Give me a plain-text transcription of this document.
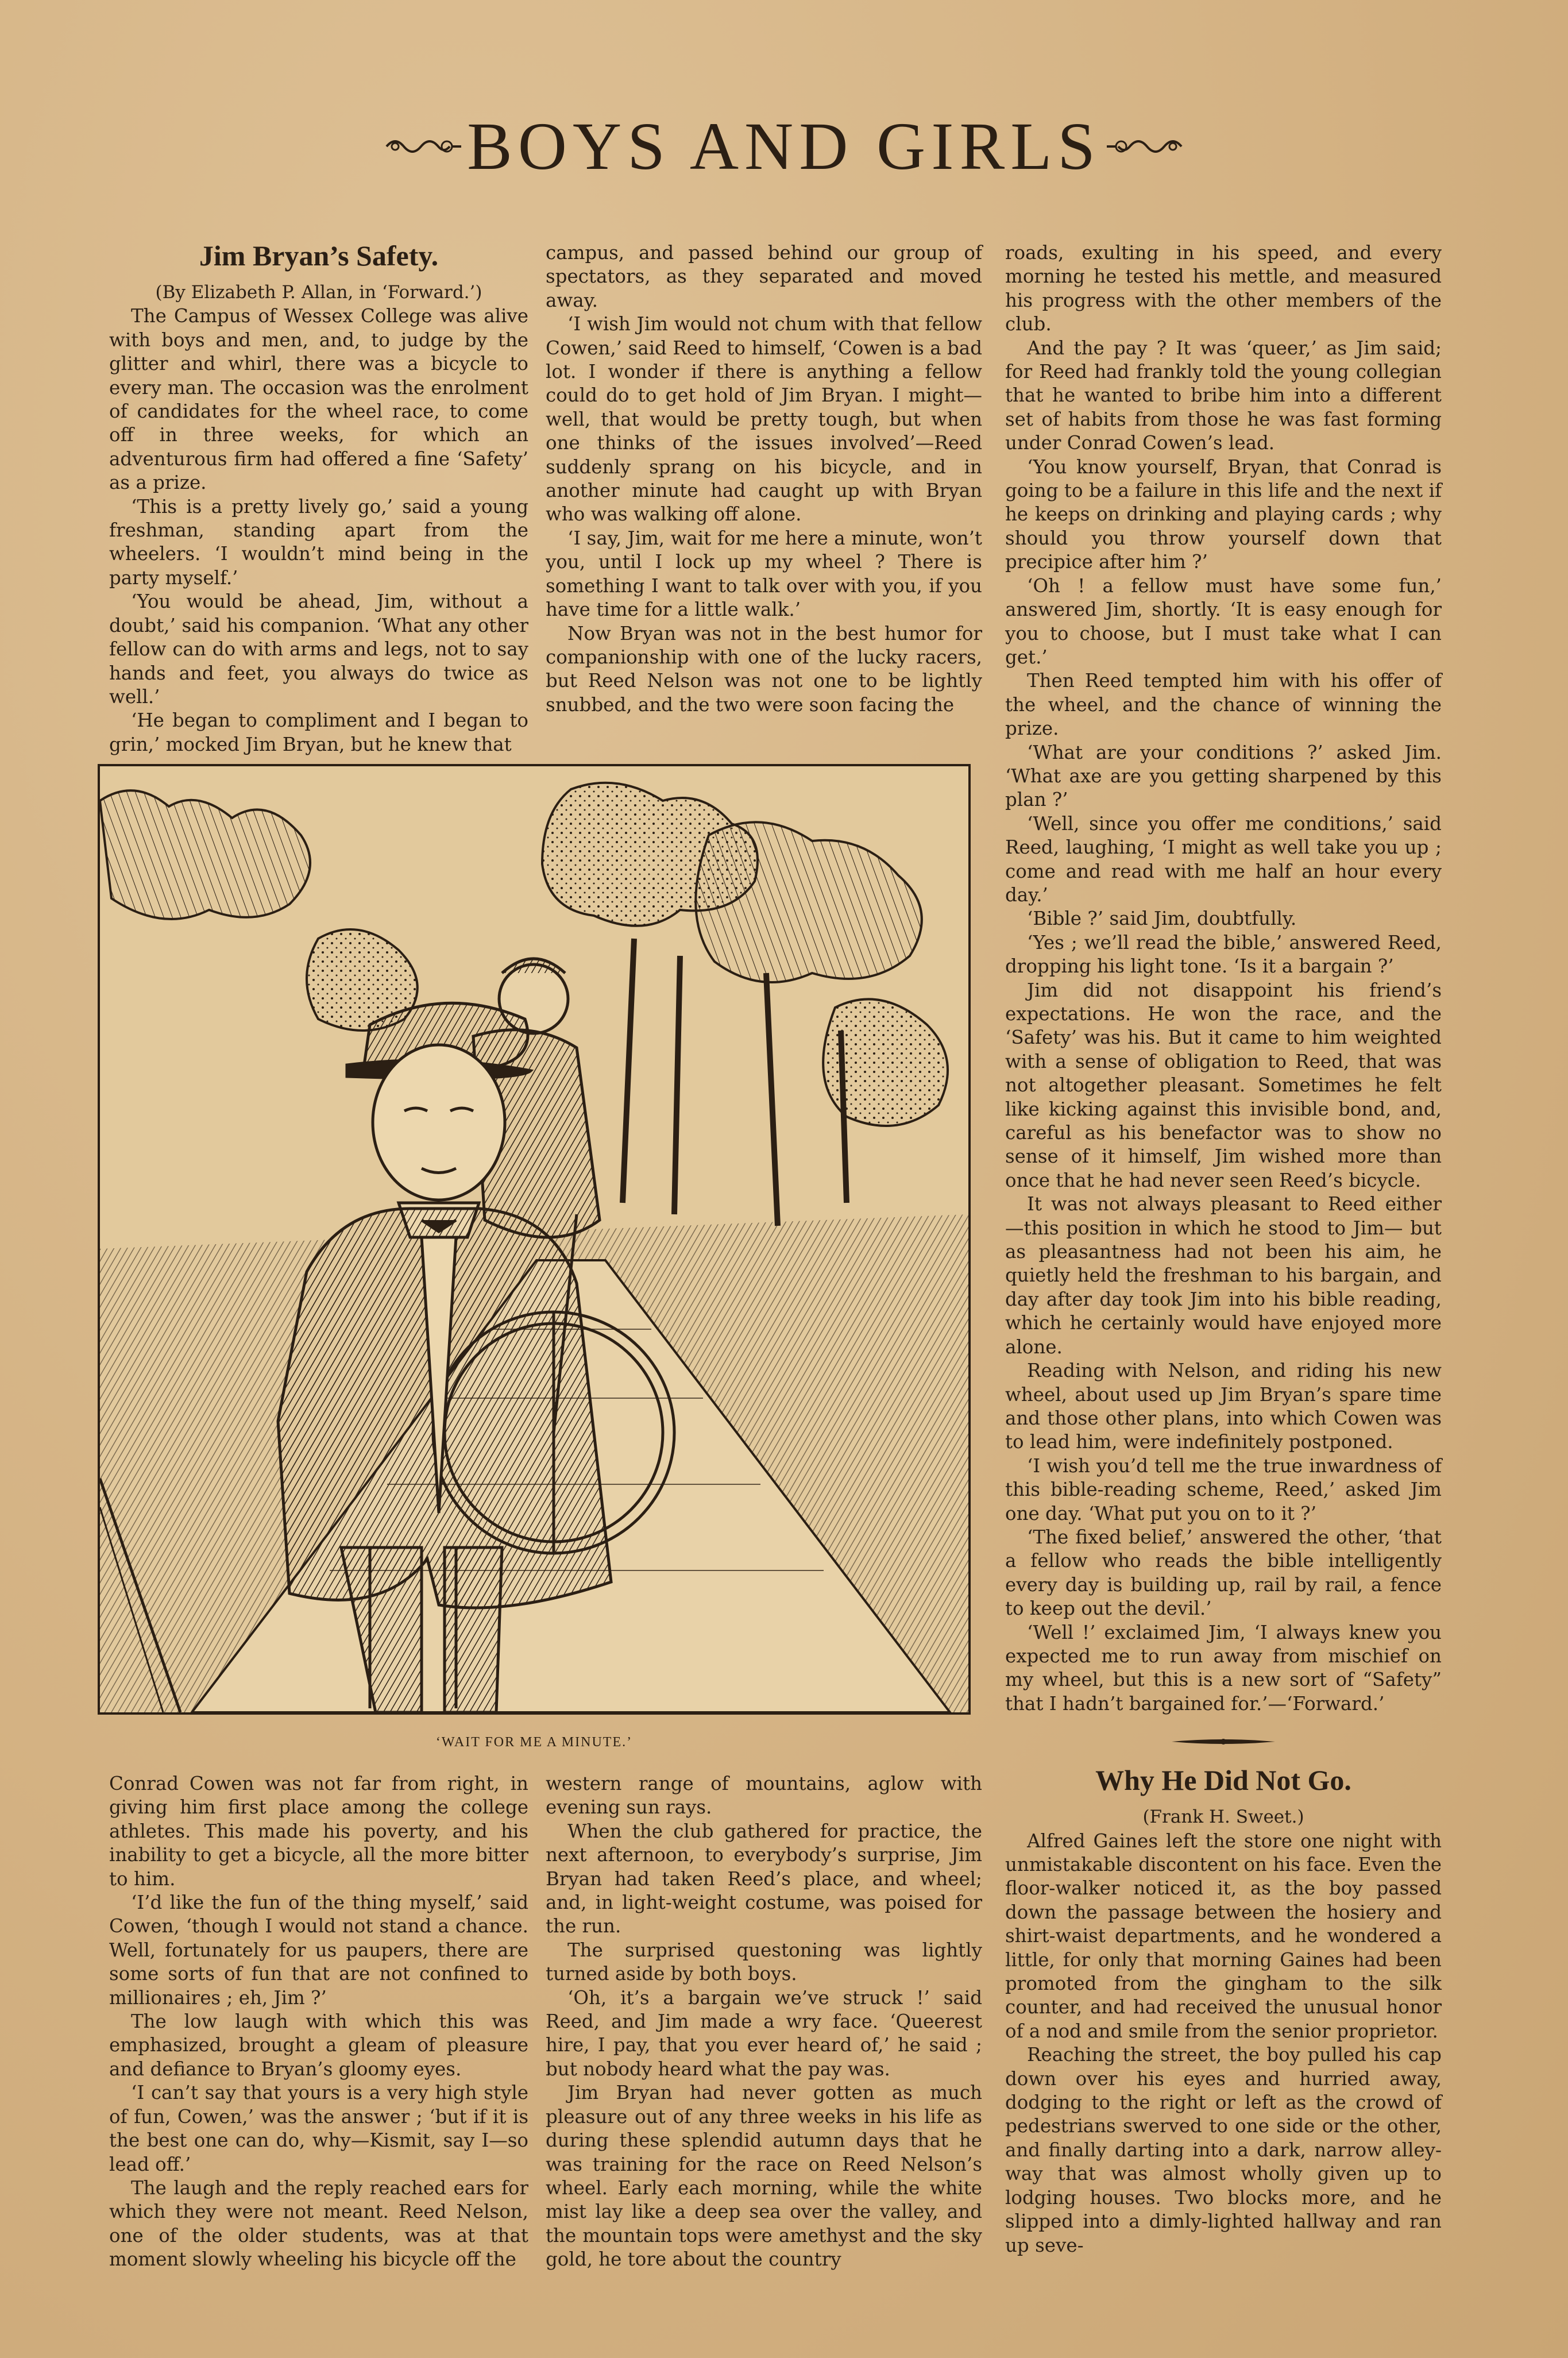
BOYS AND GIRLS
Jim Bryan’s Safety.

(By Elizabeth P. Allan, in ‘Forward.’)

The Campus of Wessex College was alive with boys and men, and, to judge by the glitter and whirl, there was a bicycle to every man. The occasion was the enrolment of candidates for the wheel race, to come off in three weeks, for which an adventurous firm had offered a fine ‘Safety’ as a prize.

‘This is a pretty lively go,’ said a young freshman, standing apart from the wheelers. ‘I wouldn’t mind being in the party myself.’

‘You would be ahead, Jim, without a doubt,’ said his companion. ‘What any other fellow can do with arms and legs, not to say hands and feet, you always do twice as well.’

‘He began to compliment and I began to grin,’ mocked Jim Bryan, but he knew that

campus, and passed behind our group of spectators, as they separated and moved away.

‘I wish Jim would not chum with that fellow Cowen,’ said Reed to himself, ‘Cowen is a bad lot. I wonder if there is anything a fellow could do to get hold of Jim Bryan. I might—well, that would be pretty tough, but when one thinks of the issues involved’—Reed suddenly sprang on his bicycle, and in another minute had caught up with Bryan who was walking off alone.

‘I say, Jim, wait for me here a minute, won’t you, until I lock up my wheel ? There is something I want to talk over with you, if you have time for a little walk.’

Now Bryan was not in the best humor for companionship with one of the lucky racers, but Reed Nelson was not one to be lightly snubbed, and the two were soon facing the

roads, exulting in his speed, and every morning he tested his mettle, and measured his progress with the other members of the club.

And the pay ? It was ‘queer,’ as Jim said; for Reed had frankly told the young collegian that he wanted to bribe him into a different set of habits from those he was fast forming under Conrad Cowen’s lead.

‘You know yourself, Bryan, that Conrad is going to be a failure in this life and the next if he keeps on drinking and playing cards ; why should you throw yourself down that precipice after him ?’

‘Oh ! a fellow must have some fun,’ answered Jim, shortly. ‘It is easy enough for you to choose, but I must take what I can get.’

Then Reed tempted him with his offer of the wheel, and the chance of winning the prize.

‘What are your conditions ?’ asked Jim. ‘What axe are you getting sharpened by this plan ?’

‘Well, since you offer me conditions,’ said Reed, laughing, ‘I might as well take you up ; come and read with me half an hour every day.’

‘Bible ?’ said Jim, doubtfully.

‘Yes ; we’ll read the bible,’ answered Reed, dropping his light tone. ‘Is it a bargain ?’

Jim did not disappoint his friend’s expectations. He won the race, and the ‘Safety’ was his. But it came to him weighted with a sense of obligation to Reed, that was not altogether pleasant. Sometimes he felt like kicking against this invisible bond, and, careful as his benefactor was to show no sense of it himself, Jim wished more than once that he had never seen Reed’s bicycle.

It was not always pleasant to Reed either —this position in which he stood to Jim— but as pleasantness had not been his aim, he quietly held the freshman to his bargain, and day after day took Jim into his bible reading, which he certainly would have enjoyed more alone.

Reading with Nelson, and riding his new wheel, about used up Jim Bryan’s spare time and those other plans, into which Cowen was to lead him, were indefinitely postponed.

‘I wish you’d tell me the true inwardness of this bible-reading scheme, Reed,’ asked Jim one day. ‘What put you on to it ?’

‘The fixed belief,’ answered the other, ‘that a fellow who reads the bible intelligently every day is building up, rail by rail, a fence to keep out the devil.’

‘Well !’ exclaimed Jim, ‘I always knew you expected me to run away from mischief on my wheel, but this is a new sort of “Safety” that I hadn’t bargained for.’—‘Forward.’

Why He Did Not Go.

(Frank H. Sweet.)

Alfred Gaines left the store one night with unmistakable discontent on his face. Even the floor-walker noticed it, as the boy passed down the passage between the hosiery and shirt-waist departments, and he wondered a little, for only that morning Gaines had been promoted from the gingham to the silk counter, and had received the unusual honor of a nod and smile from the senior proprietor.

Reaching the street, the boy pulled his cap down over his eyes and hurried away, dodging to the right or left as the crowd of pedestrians swerved to one side or the other, and finally darting into a dark, narrow alley-way that was almost wholly given up to lodging houses. Two blocks more, and he slipped into a dimly-lighted hallway and ran up seve-

‘WAIT FOR ME A MINUTE.’

Conrad Cowen was not far from right, in giving him first place among the college athletes. This made his poverty, and his inability to get a bicycle, all the more bitter to him.

‘I’d like the fun of the thing myself,’ said Cowen, ‘though I would not stand a chance. Well, fortunately for us paupers, there are some sorts of fun that are not confined to millionaires ; eh, Jim ?’

The low laugh with which this was emphasized, brought a gleam of pleasure and defiance to Bryan’s gloomy eyes.

‘I can’t say that yours is a very high style of fun, Cowen,’ was the answer ; ‘but if it is the best one can do, why—Kismit, say I—so lead off.’

The laugh and the reply reached ears for which they were not meant. Reed Nelson, one of the older students, was at that moment slowly wheeling his bicycle off the

western range of mountains, aglow with evening sun rays.

When the club gathered for practice, the next afternoon, to everybody’s surprise, Jim Bryan had taken Reed’s place, and wheel; and, in light-weight costume, was poised for the run.

The surprised questoning was lightly turned aside by both boys.

‘Oh, it’s a bargain we’ve struck !’ said Reed, and Jim made a wry face. ‘Queerest hire, I pay, that you ever heard of,’ he said ; but nobody heard what the pay was.

Jim Bryan had never gotten as much pleasure out of any three weeks in his life as during these splendid autumn days that he was training for the race on Reed Nelson’s wheel. Early each morning, while the white mist lay like a deep sea over the valley, and the mountain tops were amethyst and the sky gold, he tore about the country
